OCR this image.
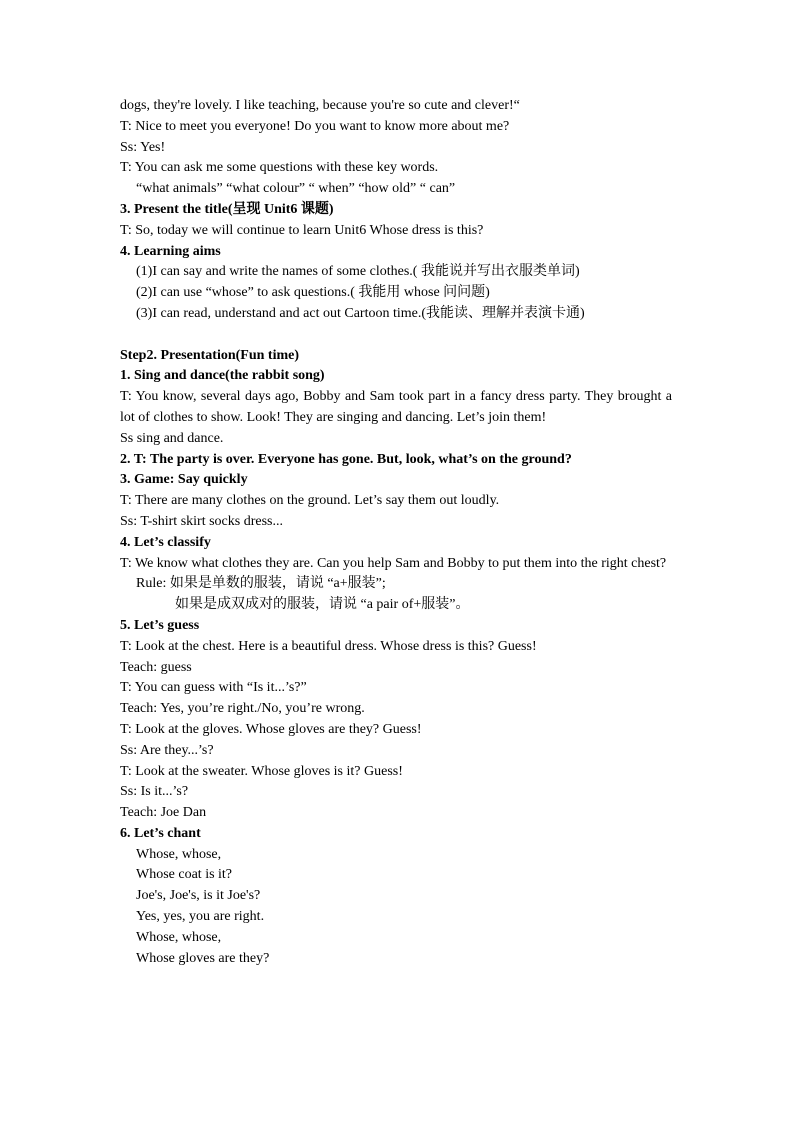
dogs, they're lovely. I like teaching, because you're so cute and clever!“
T: Nice to meet you everyone! Do you want to know more about me?
Ss: Yes!
T: You can ask me some questions with these key words.
“what animals” “what colour” “ when” “how old” “ can”
3. Present the title(呈现 Unit6 课题)
T: So, today we will continue to learn Unit6 Whose dress is this?
4. Learning aims
(1)I can say and write the names of some clothes.( 我能说并写出衣服类单词)
(2)I can use “whose” to ask questions.( 我能用 whose 问问题)
(3)I can read, understand and act out Cartoon time.(我能读、理解并表演卡通)
Step2. Presentation(Fun time)
1. Sing and dance(the rabbit song)
T: You know, several days ago, Bobby and Sam took part in a fancy dress party. They brought a lot of clothes to show. Look! They are singing and dancing. Let’s join them!
Ss sing and dance.
2. T: The party is over. Everyone has gone. But, look, what’s on the ground?
3. Game: Say quickly
T: There are many clothes on the ground. Let’s say them out loudly.
Ss: T-shirt skirt socks dress...
4. Let’s classify
T: We know what clothes they are. Can you help Sam and Bobby to put them into the right chest?
Rule: 如果是单数的服装，请说 “a+服装”;
如果是成双成对的服装，请说 “a pair of+服装”。
5. Let’s guess
T: Look at the chest. Here is a beautiful dress. Whose dress is this? Guess!
Teach: guess
T: You can guess with “Is it...’s?”
Teach: Yes, you’re right./No, you’re wrong.
T: Look at the gloves. Whose gloves are they? Guess!
Ss: Are they...’s?
T: Look at the sweater. Whose gloves is it? Guess!
Ss: Is it...’s?
Teach: Joe Dan
6. Let’s chant
Whose, whose,
Whose coat is it?
Joe's, Joe's, is it Joe's?
Yes, yes, you are right.
Whose, whose,
Whose gloves are they?
